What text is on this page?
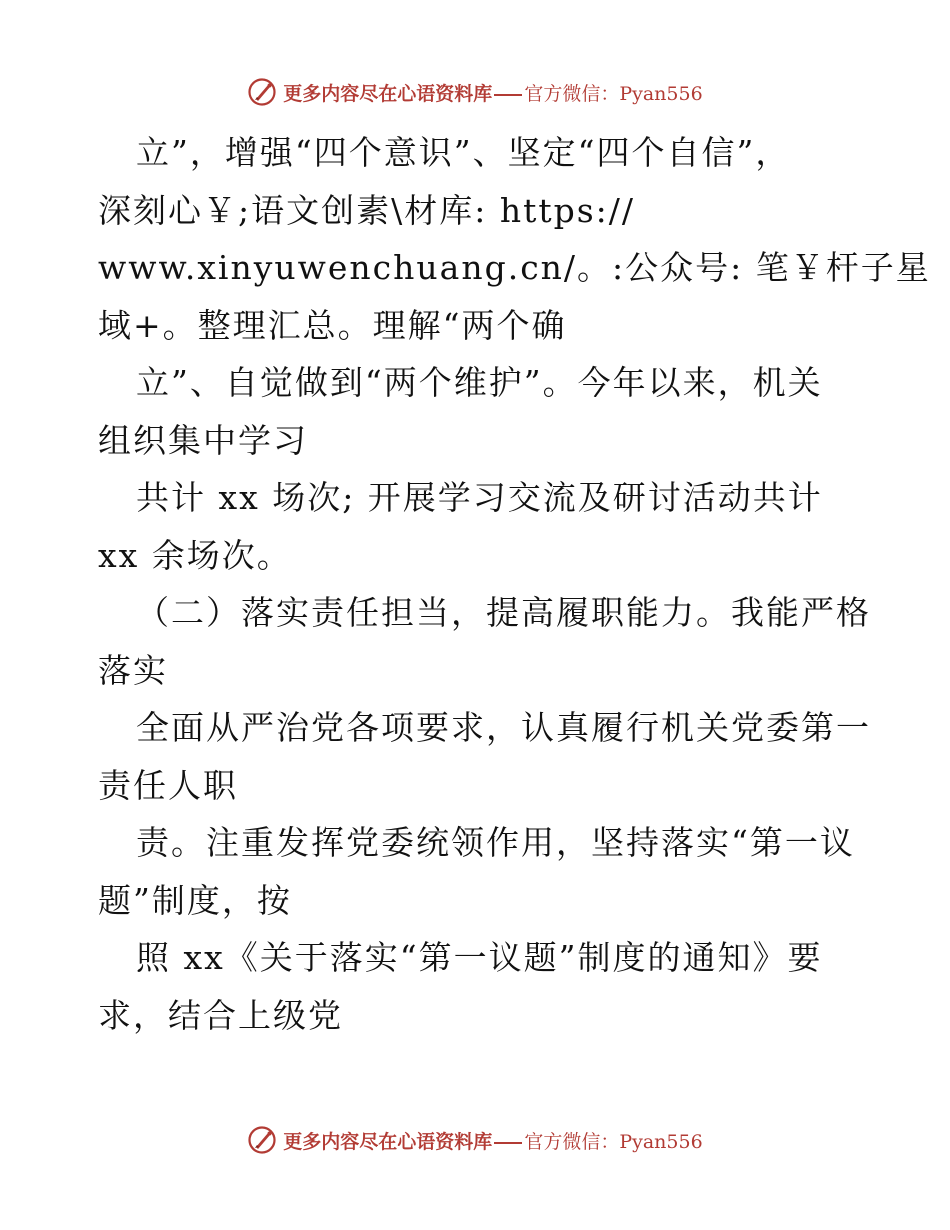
更多内容尽在心语资料库 官方微信：Pyan556
立”，增强“四个意识”、坚定“四个自信”，
深刻心￥;语文创素\材库: https://
www.xinyuwenchuang.cn/。:公众号: 笔￥杆子星
域+。整理汇总。理解“两个确
立”、自觉做到“两个维护”。今年以来，机关
组织集中学习
共计 xx 场次; 开展学习交流及研讨活动共计
xx 余场次。
（二）落实责任担当，提高履职能力。我能严格
落实
全面从严治党各项要求，认真履行机关党委第一
责任人职
责。注重发挥党委统领作用，坚持落实“第一议
题”制度，按
照 xx《关于落实“第一议题”制度的通知》要
求，结合上级党
更多内容尽在心语资料库 官方微信：Pyan556
